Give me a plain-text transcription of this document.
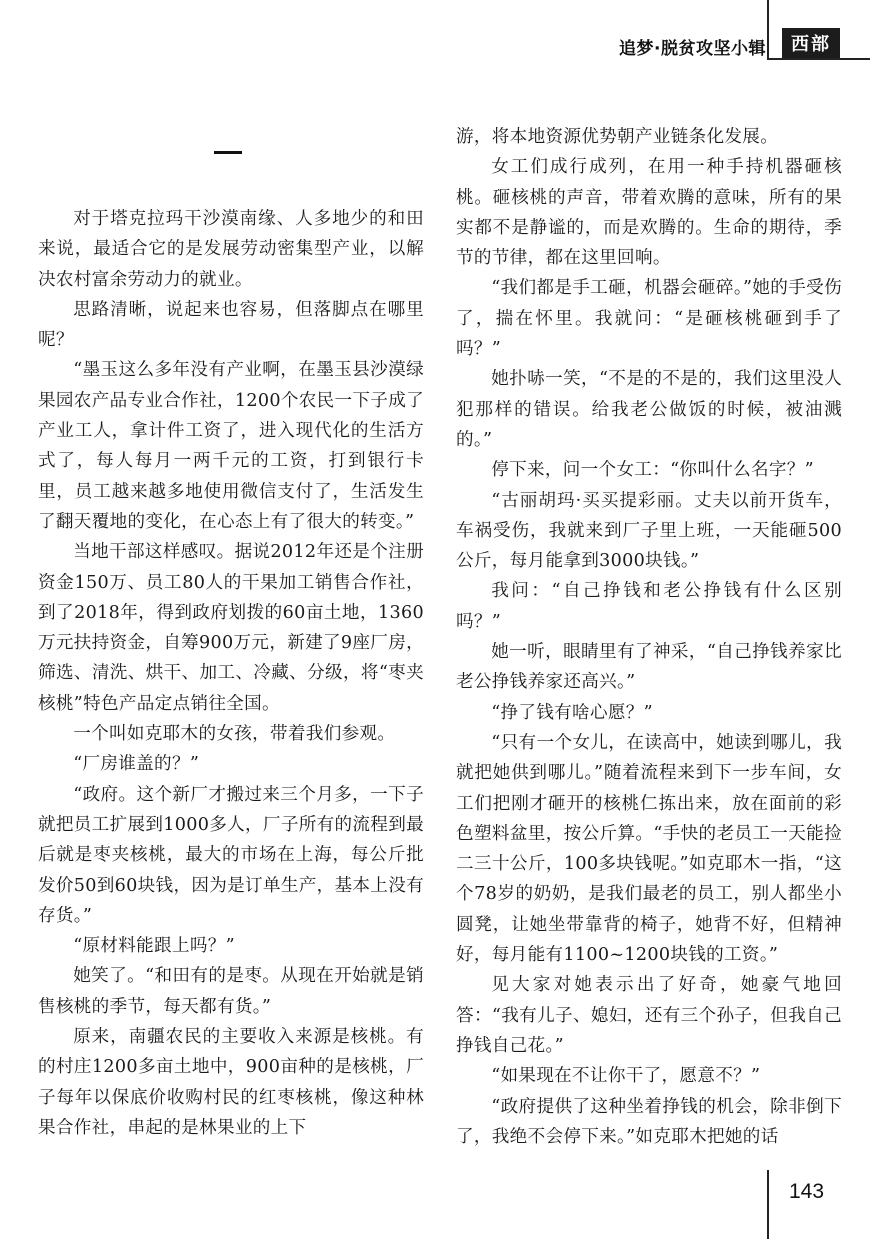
追梦·脱贫攻坚小辑	西部

对于塔克拉玛干沙漠南缘、人多地少的和田来说，最适合它的是发展劳动密集型产业，以解决农村富余劳动力的就业。

思路清晰，说起来也容易，但落脚点在哪里呢？

“墨玉这么多年没有产业啊，在墨玉县沙漠绿果园农产品专业合作社，1200个农民一下子成了产业工人，拿计件工资了，进入现代化的生活方式了，每人每月一两千元的工资，打到银行卡里，员工越来越多地使用微信支付了，生活发生了翻天覆地的变化，在心态上有了很大的转变。”

当地干部这样感叹。据说2012年还是个注册资金150万、员工80人的干果加工销售合作社，到了2018年，得到政府划拨的60亩土地，1360万元扶持资金，自筹900万元，新建了9座厂房，筛选、清洗、烘干、加工、冷藏、分级，将“枣夹核桃”特色产品定点销往全国。

一个叫如克耶木的女孩，带着我们参观。

“厂房谁盖的？”

“政府。这个新厂才搬过来三个月多，一下子就把员工扩展到1000多人，厂子所有的流程到最后就是枣夹核桃，最大的市场在上海，每公斤批发价50到60块钱，因为是订单生产，基本上没有存货。”

“原材料能跟上吗？”

她笑了。“和田有的是枣。从现在开始就是销售核桃的季节，每天都有货。”

原来，南疆农民的主要收入来源是核桃。有的村庄1200多亩土地中，900亩种的是核桃，厂子每年以保底价收购村民的红枣核桃，像这种林果合作社，串起的是林果业的上下

游，将本地资源优势朝产业链条化发展。

女工们成行成列，在用一种手持机器砸核桃。砸核桃的声音，带着欢腾的意味，所有的果实都不是静谧的，而是欢腾的。生命的期待，季节的节律，都在这里回响。

“我们都是手工砸，机器会砸碎。”她的手受伤了，揣在怀里。我就问：“是砸核桃砸到手了吗？”

她扑哧一笑，“不是的不是的，我们这里没人犯那样的错误。给我老公做饭的时候，被油溅的。”

停下来，问一个女工：“你叫什么名字？”

“古丽胡玛·买买提彩丽。丈夫以前开货车，车祸受伤，我就来到厂子里上班，一天能砸500公斤，每月能拿到3000块钱。”

我问：“自己挣钱和老公挣钱有什么区别吗？”

她一听，眼睛里有了神采，“自己挣钱养家比老公挣钱养家还高兴。”

“挣了钱有啥心愿？”

“只有一个女儿，在读高中，她读到哪儿，我就把她供到哪儿。”随着流程来到下一步车间，女工们把刚才砸开的核桃仁拣出来，放在面前的彩色塑料盆里，按公斤算。“手快的老员工一天能捡二三十公斤，100多块钱呢。”如克耶木一指，“这个78岁的奶奶，是我们最老的员工，别人都坐小圆凳，让她坐带靠背的椅子，她背不好，但精神好，每月能有1100~1200块钱的工资。”

见大家对她表示出了好奇，她豪气地回答：“我有儿子、媳妇，还有三个孙子，但我自己挣钱自己花。”

“如果现在不让你干了，愿意不？”

“政府提供了这种坐着挣钱的机会，除非倒下了，我绝不会停下来。”如克耶木把她的话

143
